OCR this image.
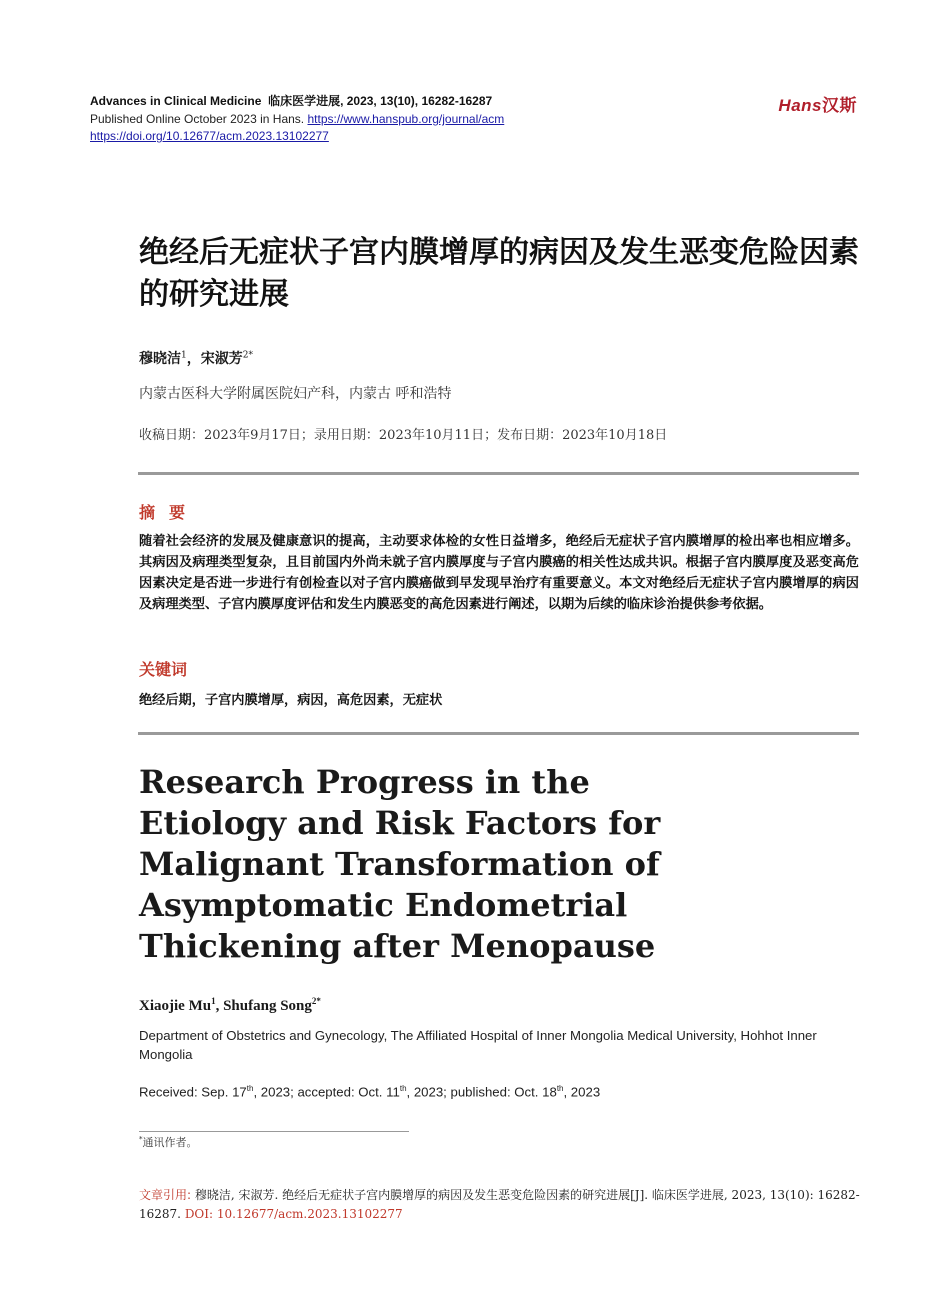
Advances in Clinical Medicine 临床医学进展, 2023, 13(10), 16282-16287
Published Online October 2023 in Hans. https://www.hanspub.org/journal/acm
https://doi.org/10.12677/acm.2023.13102277
Hans汉斯
绝经后无症状子宫内膜增厚的病因及发生恶变危险因素的研究进展
穆晓洁$^1$，宋淑芳$^{2*}$
内蒙古医科大学附属医院妇产科，内蒙古 呼和浩特
收稿日期：2023年9月17日；录用日期：2023年10月11日；发布日期：2023年10月18日
摘要
随着社会经济的发展及健康意识的提高，主动要求体检的女性日益增多，绝经后无症状子宫内膜增厚的检出率也相应增多。其病因及病理类型复杂，且目前国内外尚未就子宫内膜厚度与子宫内膜癌的相关性达成共识。根据子宫内膜厚度及恶变高危因素决定是否进一步进行有创检查以对子宫内膜癌做到早发现早治疗有重要意义。本文对绝经后无症状子宫内膜增厚的病因及病理类型、子宫内膜厚度评估和发生内膜恶变的高危因素进行阐述，以期为后续的临床诊治提供参考依据。
关键词
绝经后期，子宫内膜增厚，病因，高危因素，无症状
Research Progress in the Etiology and Risk Factors for Malignant Transformation of Asymptomatic Endometrial Thickening after Menopause
Xiaojie Mu$^1$, Shufang Song$^{2*}$
Department of Obstetrics and Gynecology, The Affiliated Hospital of Inner Mongolia Medical University, Hohhot Inner Mongolia
Received: Sep. 17th, 2023; accepted: Oct. 11th, 2023; published: Oct. 18th, 2023
*通讯作者。
文章引用: 穆晓洁, 宋淑芳. 绝经后无症状子宫内膜增厚的病因及发生恶变危险因素的研究进展[J]. 临床医学进展, 2023, 13(10): 16282-16287. DOI: 10.12677/acm.2023.13102277
